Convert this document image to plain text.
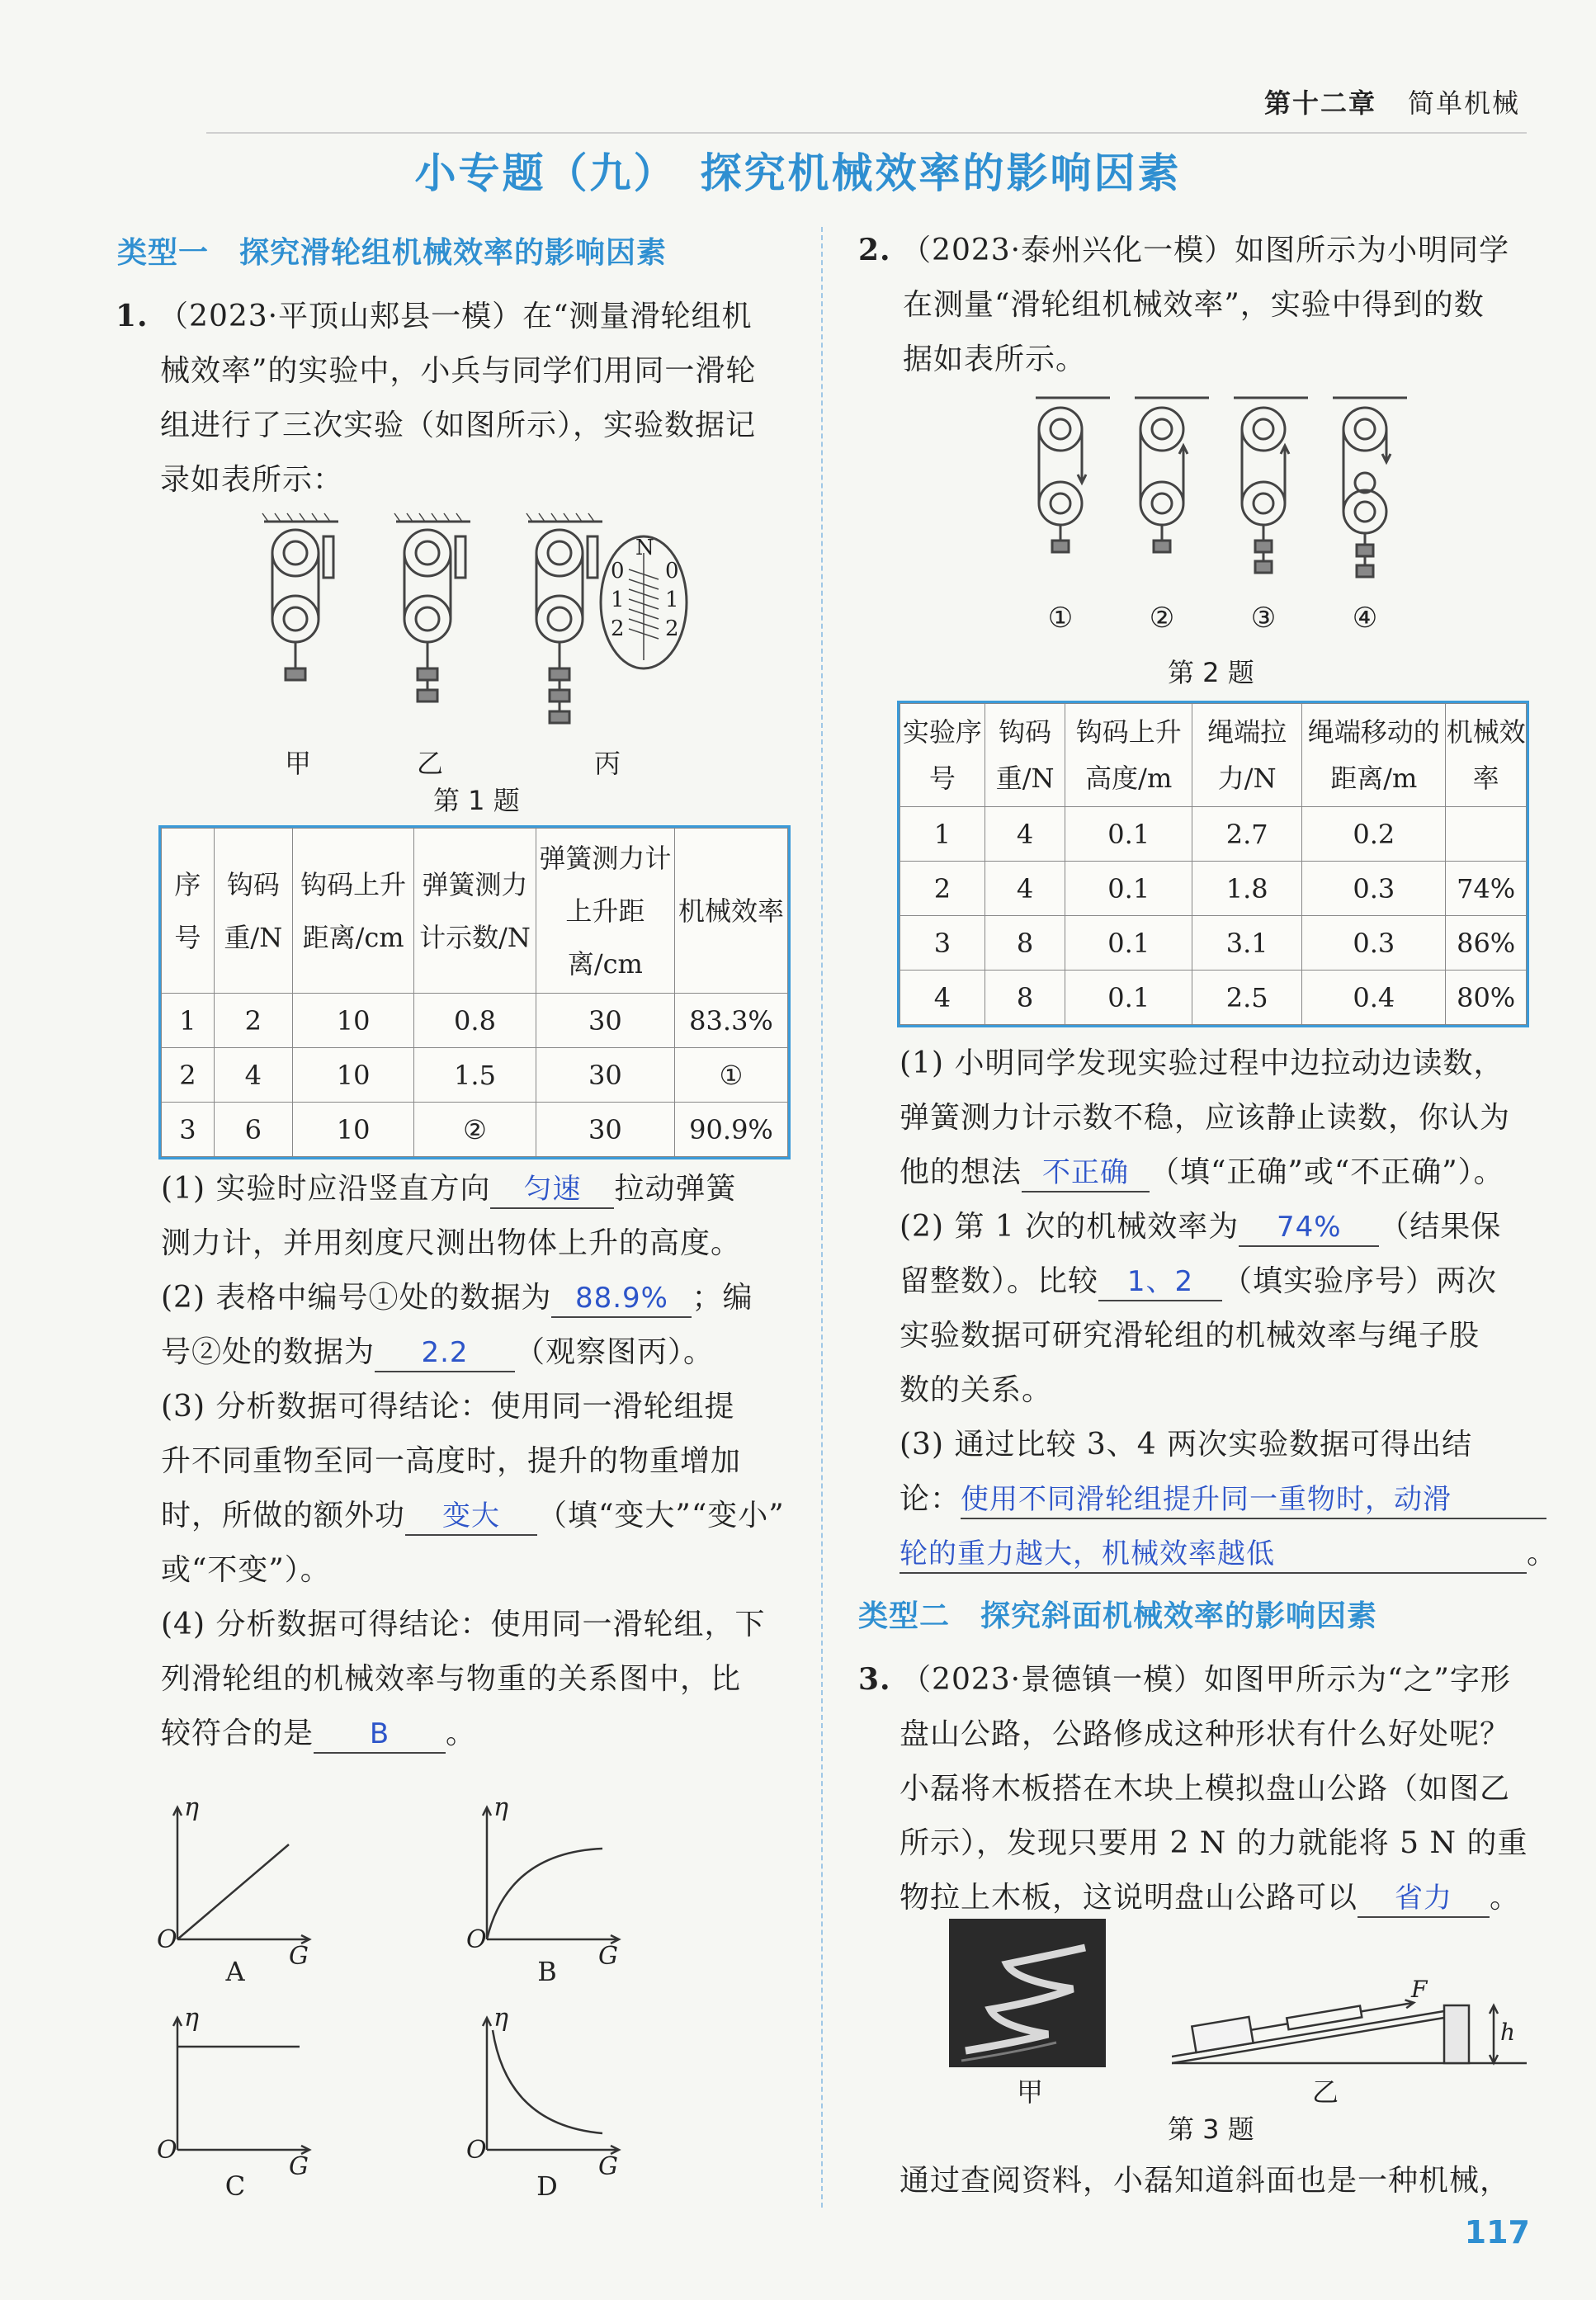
第十二章 简单机械
小专题（九）　探究机械效率的影响因素
类型一　探究滑轮组机械效率的影响因素

1. （2023·平顶山郏县一模）在“测量滑轮组机

械效率”的实验中，小兵与同学们用同一滑轮

组进行了三次实验（如图所示），实验数据记

录如表所示：

N
0 0
1 1
2 2
甲	乙	丙
第 1 题
序号	钩码重/N	钩码上升距离/cm	弹簧测力计示数/N	弹簧测力计上升距离/cm	机械效率
1	2	10	0.8	30	83.3%
2	4	10	1.5	30	①
3	6	10	②	30	90.9%

(1) 实验时应沿竖直方向 匀速 拉动弹簧

测力计，并用刻度尺测出物体上升的高度。

(2) 表格中编号①处的数据为 88.9% ；编

号②处的数据为 2.2 （观察图丙）。

(3) 分析数据可得结论：使用同一滑轮组提

升不同重物至同一高度时，提升的物重增加

时，所做的额外功 变大 （填“变大”“变小”

或“不变”）。

(4) 分析数据可得结论：使用同一滑轮组，下

列滑轮组的机械效率与物重的关系图中，比

较符合的是 B 。

η
O
G
η
O
G
η
O
G
η
O
G
A	B
C	D

2. （2023·泰州兴化一模）如图所示为小明同学

在测量“滑轮组机械效率”，实验中得到的数

据如表所示。

①	②	③	④
第 2 题
实验序号	钩码重/N	钩码上升高度/m	绳端拉力/N	绳端移动的距离/m	机械效率
1	4	0.1	2.7	0.2	
2	4	0.1	1.8	0.3	74%
3	8	0.1	3.1	0.3	86%
4	8	0.1	2.5	0.4	80%

(1) 小明同学发现实验过程中边拉动边读数，

弹簧测力计示数不稳，应该静止读数，你认为

他的想法 不正确 （填“正确”或“不正确”）。

(2) 第 1 次的机械效率为 74% （结果保

留整数）。比较 1、2 （填实验序号）两次

实验数据可研究滑轮组的机械效率与绳子股

数的关系。

(3) 通过比较 3、4 两次实验数据可得出结

论：使用不同滑轮组提升同一重物时，动滑

轮的重力越大，机械效率越低	。

类型二　探究斜面机械效率的影响因素

3. （2023·景德镇一模）如图甲所示为“之”字形

盘山公路，公路修成这种形状有什么好处呢？

小磊将木板搭在木块上模拟盘山公路（如图乙

所示），发现只要用 2 N 的力就能将 5 N 的重

物拉上木板，这说明盘山公路可以 省力 。

甲
F
h
乙
第 3 题
通过查阅资料，小磊知道斜面也是一种机械，
117
